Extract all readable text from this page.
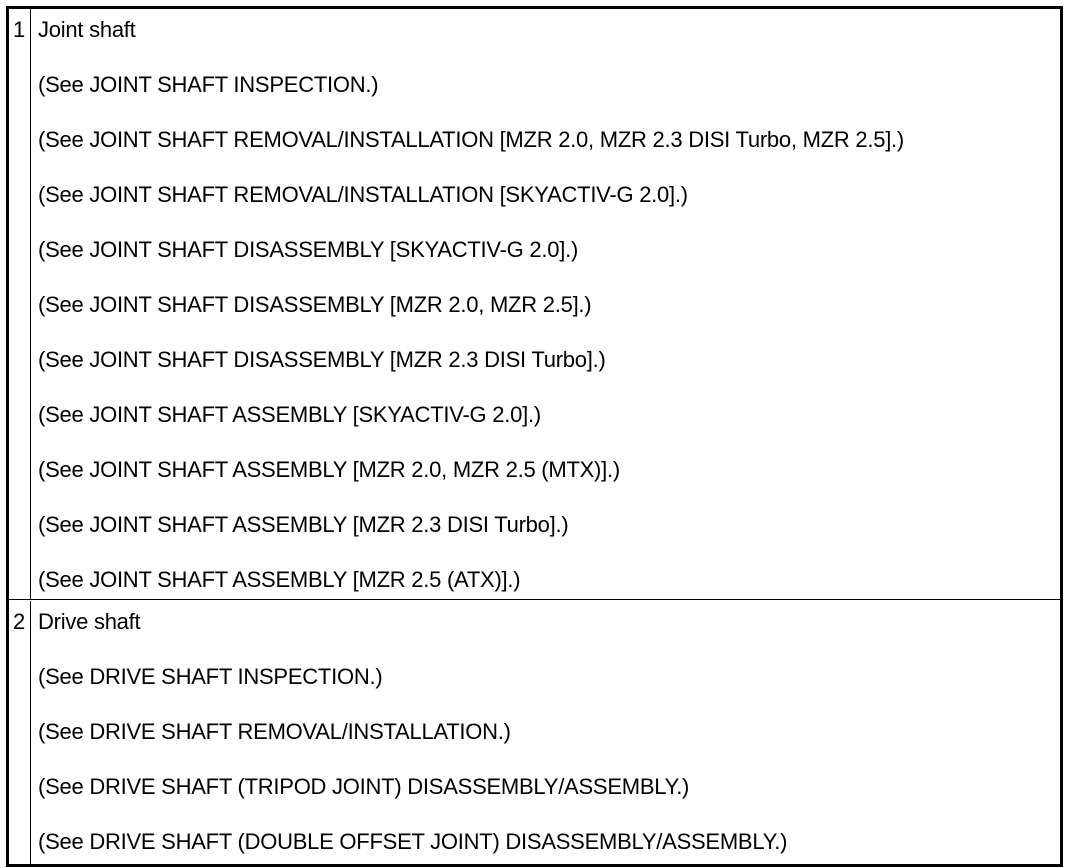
1 Joint shaft
(See JOINT SHAFT INSPECTION.)
(See JOINT SHAFT REMOVAL/INSTALLATION [MZR 2.0, MZR 2.3 DISI Turbo, MZR 2.5].)
(See JOINT SHAFT REMOVAL/INSTALLATION [SKYACTIV-G 2.0].)
(See JOINT SHAFT DISASSEMBLY [SKYACTIV-G 2.0].)
(See JOINT SHAFT DISASSEMBLY [MZR 2.0, MZR 2.5].)
(See JOINT SHAFT DISASSEMBLY [MZR 2.3 DISI Turbo].)
(See JOINT SHAFT ASSEMBLY [SKYACTIV-G 2.0].)
(See JOINT SHAFT ASSEMBLY [MZR 2.0, MZR 2.5 (MTX)].)
(See JOINT SHAFT ASSEMBLY [MZR 2.3 DISI Turbo].)
(See JOINT SHAFT ASSEMBLY [MZR 2.5 (ATX)].)
2 Drive shaft
(See DRIVE SHAFT INSPECTION.)
(See DRIVE SHAFT REMOVAL/INSTALLATION.)
(See DRIVE SHAFT (TRIPOD JOINT) DISASSEMBLY/ASSEMBLY.)
(See DRIVE SHAFT (DOUBLE OFFSET JOINT) DISASSEMBLY/ASSEMBLY.)
